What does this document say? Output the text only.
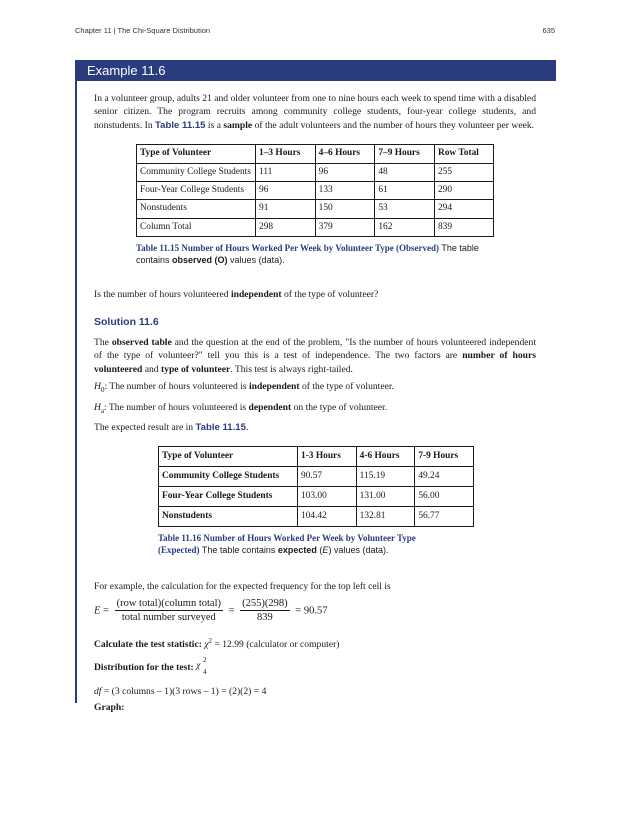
Chapter 11 | The Chi-Square Distribution	635
Example 11.6

In a volunteer group, adults 21 and older volunteer from one to nine hours each week to spend time with a disabled senior citizen. The program recruits among community college students, four-year college students, and nonstudents. In Table 11.15 is a sample of the adult volunteers and the number of hours they volunteer per week.

Type of Volunteer	1–3 Hours	4–6 Hours	7–9 Hours	Row Total
Community College Students	111	96	48	255
Four-Year College Students	96	133	61	290
Nonstudents	91	150	53	294
Column Total	298	379	162	839
Table 11.15 Number of Hours Worked Per Week by Volunteer Type (Observed) The table contains observed (O) values (data).

Is the number of hours volunteered independent of the type of volunteer?

Solution 11.6

The observed table and the question at the end of the problem, "Is the number of hours volunteered independent of the type of volunteer?" tell you this is a test of independence. The two factors are number of hours volunteered and type of volunteer. This test is always right-tailed.

$H_0$: The number of hours volunteered is independent of the type of volunteer.

$H_a$: The number of hours volunteered is dependent on the type of volunteer.

The expected result are in Table 11.15.

Type of Volunteer	1-3 Hours	4-6 Hours	7-9 Hours
Community College Students	90.57	115.19	49.24
Four-Year College Students	103.00	131.00	56.00
Nonstudents	104.42	132.81	56.77
Table 11.16 Number of Hours Worked Per Week by Volunteer Type (Expected) The table contains expected (E) values (data).

For example, the calculation for the expected frequency for the top left cell is

$E = \frac{\text{(row total)(column total)}}{\text{total number surveyed}} = \frac{(255)(298)}{839} = 90.57$

Calculate the test statistic: $\chi^2 = 12.99$ (calculator or computer)

Distribution for the test: χ 2
4

df = (3 columns – 1)(3 rows – 1) = (2)(2) = 4

Graph:
